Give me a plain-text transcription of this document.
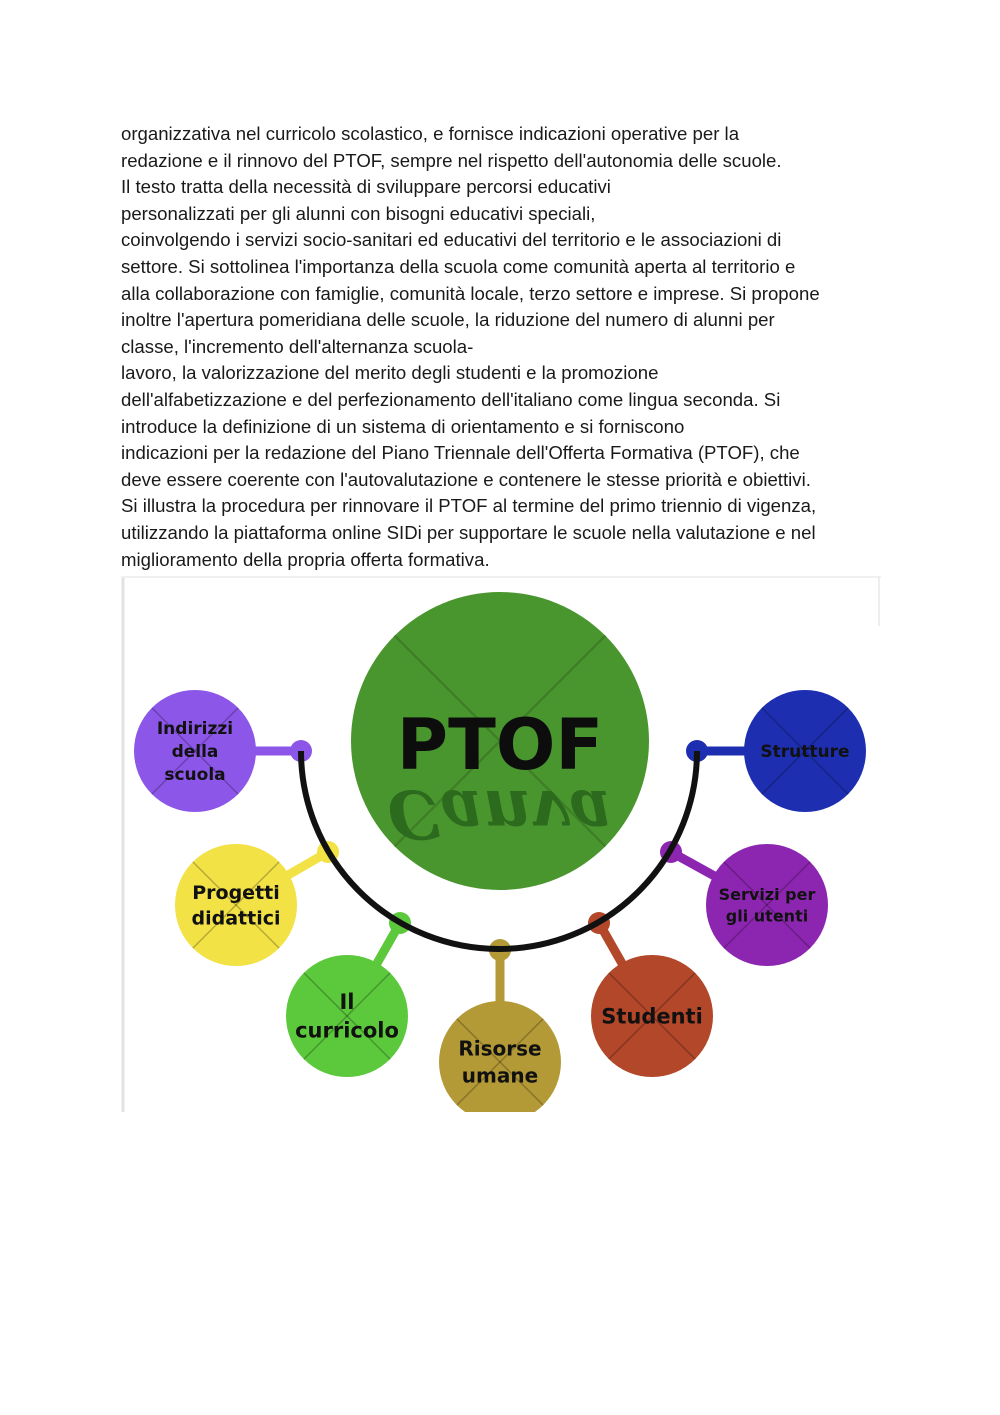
organizzativa nel curricolo scolastico, e fornisce indicazioni operative per la
redazione e il rinnovo del PTOF, sempre nel rispetto dell'autonomia delle scuole.
Il testo tratta della necessità di sviluppare percorsi educativi
personalizzati per gli alunni con bisogni educativi speciali,
coinvolgendo i servizi socio-sanitari ed educativi del territorio e le associazioni di
settore. Si sottolinea l'importanza della scuola come comunità aperta al territorio e
alla collaborazione con famiglie, comunità locale, terzo settore e imprese. Si propone
inoltre l'apertura pomeridiana delle scuole, la riduzione del numero di alunni per
classe, l'incremento dell'alternanza scuola-
lavoro, la valorizzazione del merito degli studenti e la promozione
dell'alfabetizzazione e del perfezionamento dell'italiano come lingua seconda. Si
introduce la definizione di un sistema di orientamento e si forniscono
indicazioni per la redazione del Piano Triennale dell'Offerta Formativa (PTOF), che
deve essere coerente con l'autovalutazione e contenere le stesse priorità e obiettivi.
Si illustra la procedura per rinnovare il PTOF al termine del primo triennio di vigenza,
utilizzando la piattaforma online SIDi per supportare le scuole nella valutazione e nel
miglioramento della propria offerta formativa.
PTOF
Canva
Indirizzi della scuola
Progetti didattici
Il curricolo
Risorse umane
Studenti
Servizi per gli utenti
Strutture
